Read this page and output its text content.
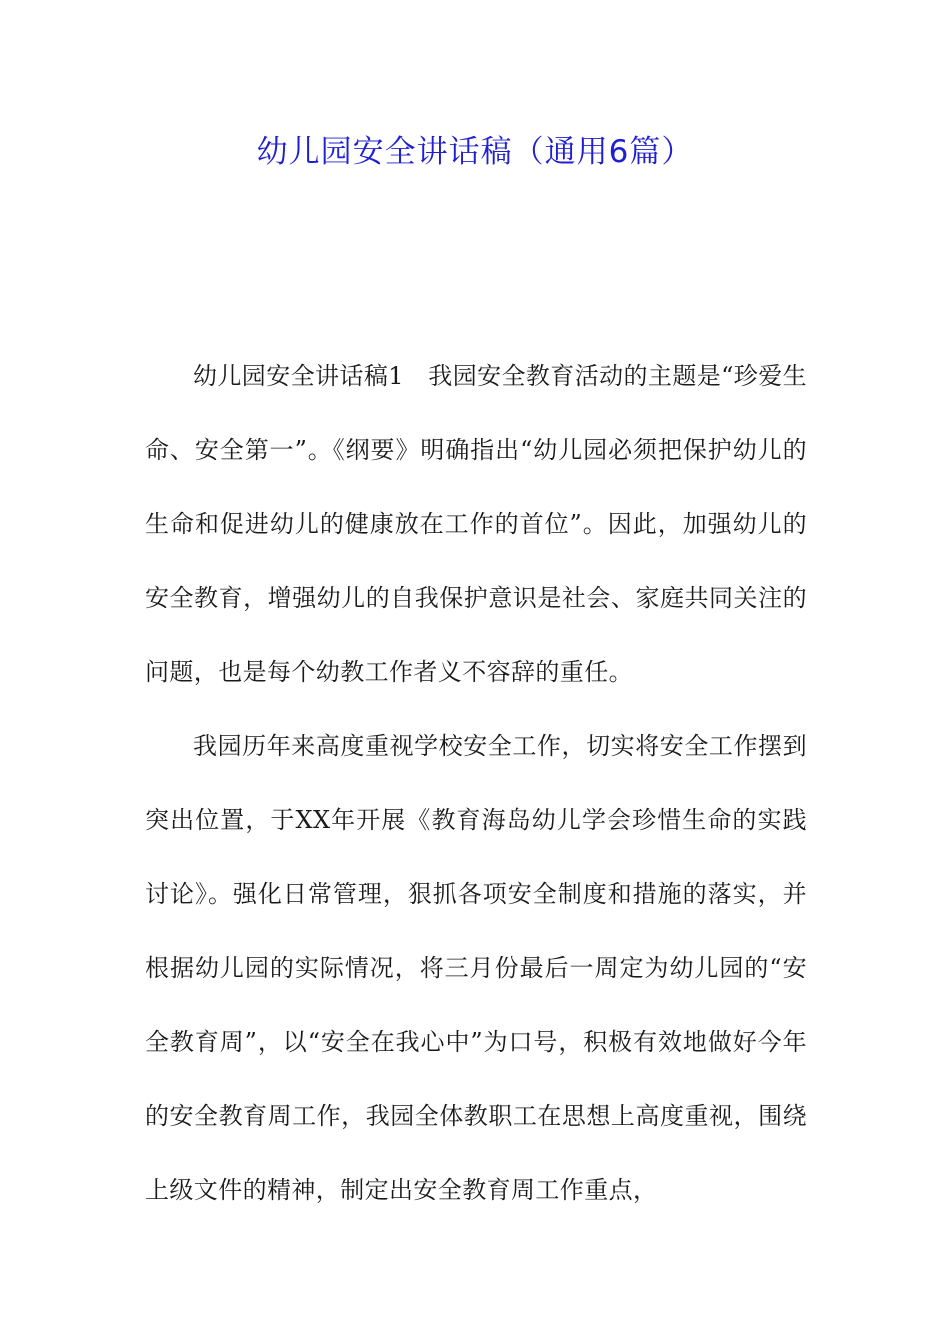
幼儿园安全讲话稿（通用6篇）

幼儿园安全讲话稿1　我园安全教育活动的主题是“珍爱生命、安全第一”。《纲要》明确指出“幼儿园必须把保护幼儿的生命和促进幼儿的健康放在工作的首位”。因此，加强幼儿的安全教育，增强幼儿的自我保护意识是社会、家庭共同关注的问题，也是每个幼教工作者义不容辞的重任。

我园历年来高度重视学校安全工作，切实将安全工作摆到突出位置，于XX年开展《教育海岛幼儿学会珍惜生命的实践讨论》。强化日常管理，狠抓各项安全制度和措施的落实，并根据幼儿园的实际情况，将三月份最后一周定为幼儿园的“安全教育周”，以“安全在我心中”为口号，积极有效地做好今年的安全教育周工作，我园全体教职工在思想上高度重视，围绕上级文件的精神，制定出安全教育周工作重点，
